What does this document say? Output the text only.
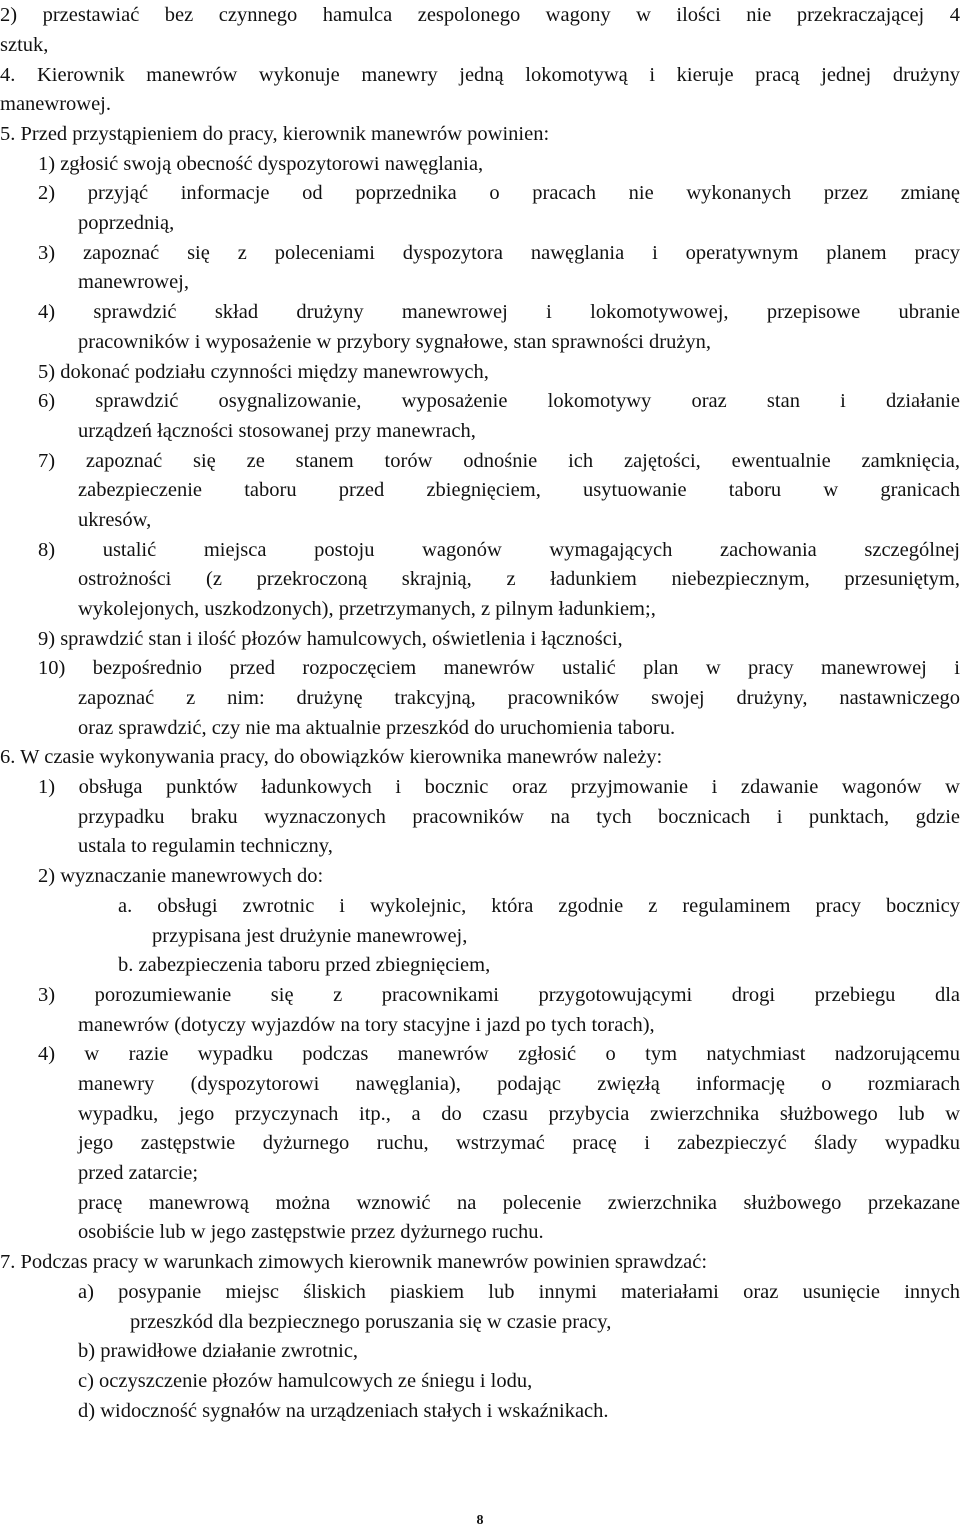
2) przestawiać bez czynnego hamulca zespolonego wagony w ilości nie przekraczającej 4
sztuk,
4. Kierownik manewrów wykonuje manewry jedną lokomotywą i kieruje pracą jednej drużyny
manewrowej.
5. Przed przystąpieniem do pracy, kierownik manewrów powinien:
1) zgłosić swoją obecność dyspozytorowi nawęglania,
2) przyjąć informacje od poprzednika o pracach nie wykonanych przez zmianę
poprzednią,
3) zapoznać się z poleceniami dyspozytora nawęglania i operatywnym planem pracy
manewrowej,
4) sprawdzić skład drużyny manewrowej i lokomotywowej, przepisowe ubranie
pracowników i wyposażenie w przybory sygnałowe, stan sprawności drużyn,
5) dokonać podziału czynności między manewrowych,
6) sprawdzić osygnalizowanie, wyposażenie lokomotywy oraz stan i działanie
urządzeń łączności stosowanej przy manewrach,
7) zapoznać się ze stanem torów odnośnie ich zajętości, ewentualnie zamknięcia,
zabezpieczenie taboru przed zbiegnięciem, usytuowanie taboru w granicach
ukresów,
8) ustalić miejsca postoju wagonów wymagających zachowania szczególnej
ostrożności (z przekroczoną skrajnią, z ładunkiem niebezpiecznym, przesuniętym,
wykolejonych, uszkodzonych), przetrzymanych, z pilnym ładunkiem;,
9) sprawdzić stan i ilość płozów hamulcowych, oświetlenia i łączności,
10) bezpośrednio przed rozpoczęciem manewrów ustalić plan w pracy manewrowej i
zapoznać z nim: drużynę trakcyjną, pracowników swojej drużyny, nastawniczego
oraz sprawdzić, czy nie ma aktualnie przeszkód do uruchomienia taboru.
6. W czasie wykonywania pracy, do obowiązków kierownika manewrów należy:
1) obsługa punktów ładunkowych i bocznic oraz przyjmowanie i zdawanie wagonów w
przypadku braku wyznaczonych pracowników na tych bocznicach i punktach, gdzie
ustala to regulamin techniczny,
2) wyznaczanie manewrowych do:
a. obsługi zwrotnic i wykolejnic, która zgodnie z regulaminem pracy bocznicy
przypisana jest drużynie manewrowej,
b. zabezpieczenia taboru przed zbiegnięciem,
3) porozumiewanie się z pracownikami przygotowującymi drogi przebiegu dla
manewrów (dotyczy wyjazdów na tory stacyjne i jazd po tych torach),
4) w razie wypadku podczas manewrów zgłosić o tym natychmiast nadzorującemu
manewry (dyspozytorowi nawęglania), podając zwięzłą informację o rozmiarach
wypadku, jego przyczynach itp., a do czasu przybycia zwierzchnika służbowego lub w
jego zastępstwie dyżurnego ruchu, wstrzymać pracę i zabezpieczyć ślady wypadku
przed zatarcie;
pracę manewrową można wznowić na polecenie zwierzchnika służbowego przekazane
osobiście lub w jego zastępstwie przez dyżurnego ruchu.
7. Podczas pracy w warunkach zimowych kierownik manewrów powinien sprawdzać:
a) posypanie miejsc śliskich piaskiem lub innymi materiałami oraz usunięcie innych
przeszkód dla bezpiecznego poruszania się w czasie pracy,
b) prawidłowe działanie zwrotnic,
c) oczyszczenie płozów hamulcowych ze śniegu i lodu,
d) widoczność sygnałów na urządzeniach stałych i wskaźnikach.
8
